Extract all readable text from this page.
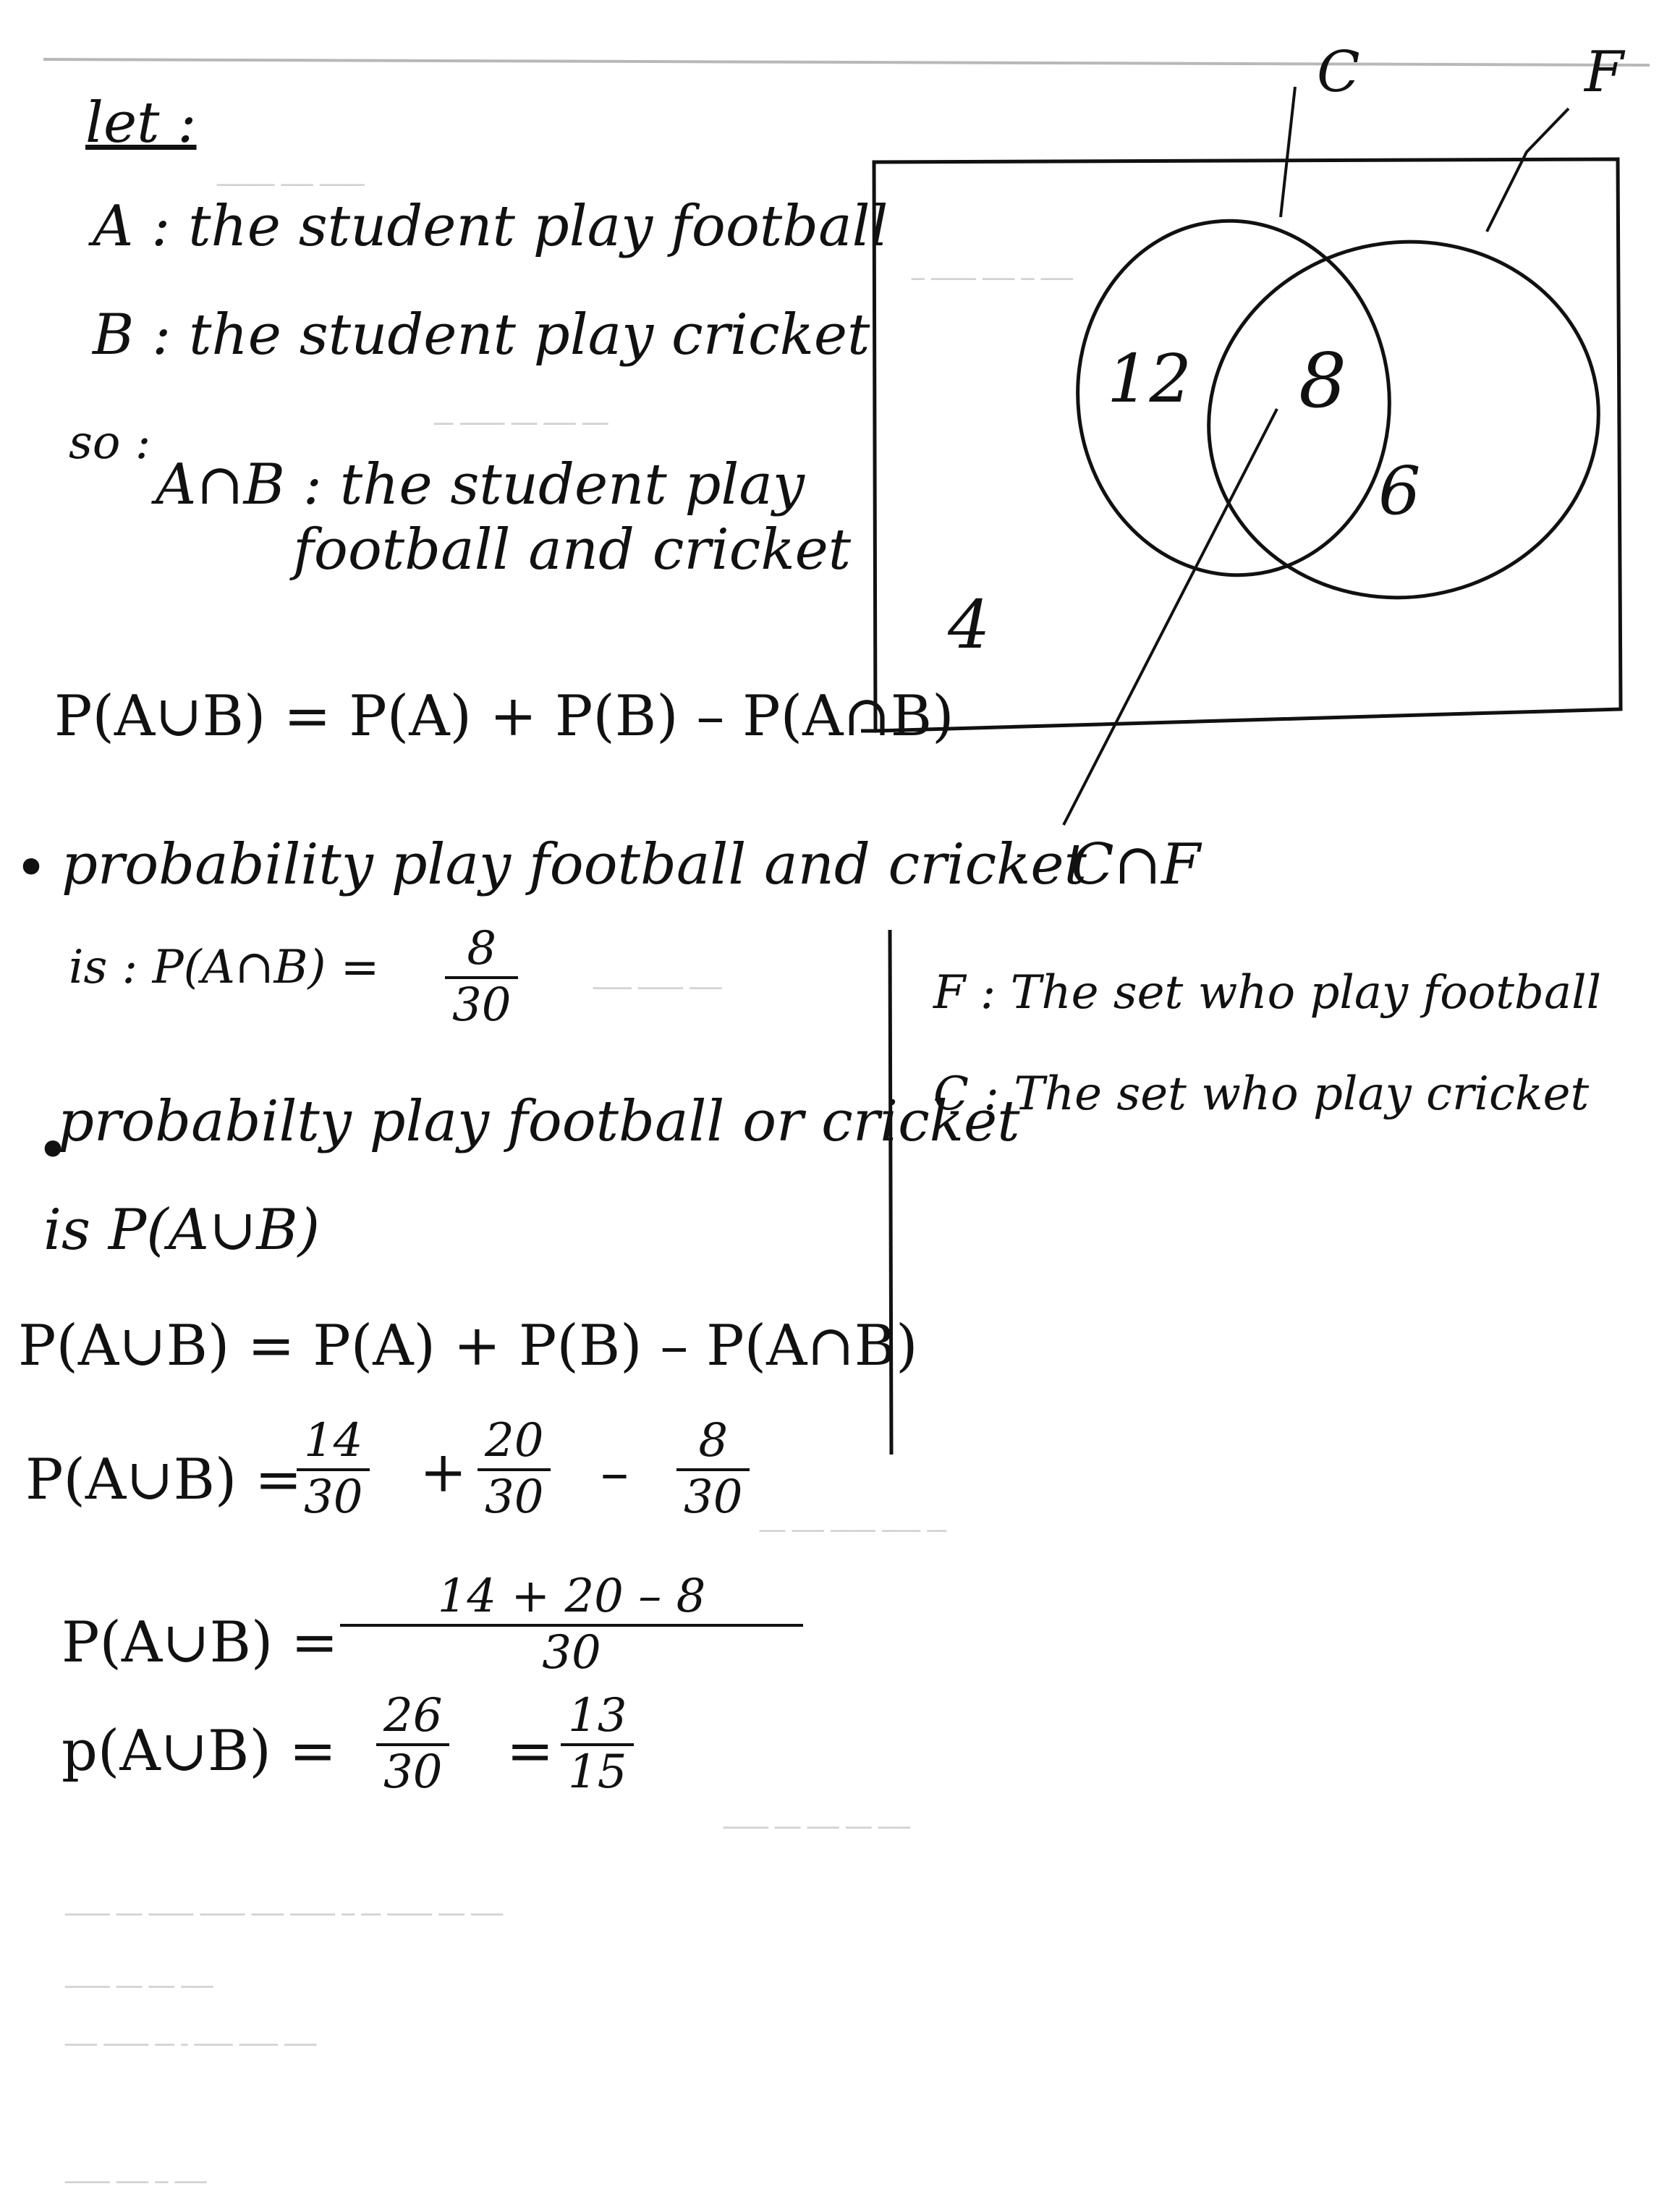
ـــــــ ـــــ ـــــــــ
ـــــ ــ ـــــ ـــــــ ــ
ــــ ـــــ ــــ ـــــــ ـــ
ـــــ ـــــــ ــــــ
ـــ ــــــ ـــــــ ـــــ ــــ
ـــــ ــــ ـــــ ــــ ـــــــ
ـــــ ــــ ـــــــ ـــ ــ ـــــــ ـــــ ـــــــ ـــــــ ــــ ـــــــ
ـــــ ــــ ــــ ـــــــ
ـــــ ــــــ ــــــ ـ ـــ ـــــــ ـــــ
ـــــ ــ ـــــ ـــــــ
let :
A : the student play football
B : the student play cricket
so :
A∩B : the student play
football and cricket
C	F
12 8
6
4
C∩F
F : The set who play football
C : The set who play cricket
P(A∪B) = P(A) + P(B) – P(A∩B)
• probability play football and cricket
is : P(A∩B) = 8
30
•
probabilty play football or cricket
is P(A∪B)
P(A∪B) = P(A) + P(B) – P(A∩B)
P(A∪B) =
14
30 + 20
30 – 8
30
P(A∪B) =
14 + 20 – 8
30
p(A∪B) =
26
30 =
13
15
